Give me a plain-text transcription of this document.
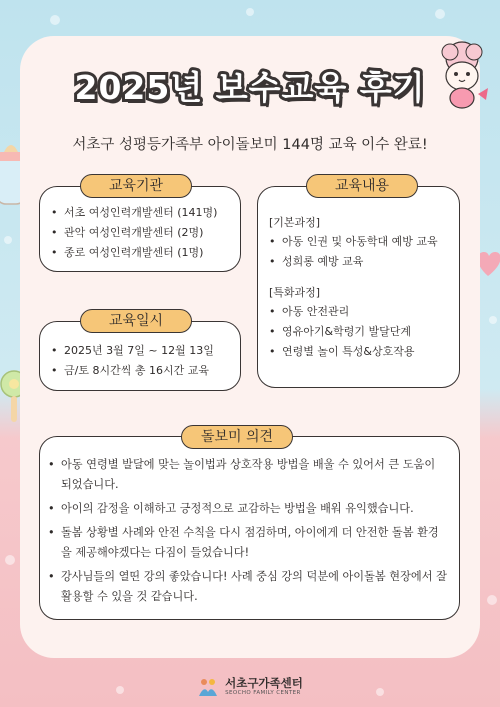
2025년 보수교육 후기
서초구 성평등가족부 아이돌보미 144명 교육 이수 완료!
• 서초 여성인력개발센터 (141명)
• 관악 여성인력개발센터 (2명)
• 종로 여성인력개발센터 (1명)
교육기관
• 2025년 3월 7일 ~ 12월 13일
• 금/토 8시간씩 총 16시간 교육
교육일시
[기본과정]
• 아동 인권 및 아동학대 예방 교육
• 성희롱 예방 교육
[특화과정]
• 아동 안전관리
• 영유아기&학령기 발달단계
• 연령별 놀이 특성&상호작용
교육내용
• 아동 연령별 발달에 맞는 놀이법과 상호작용 방법을 배울 수 있어서 큰 도움이 되었습니다.
• 아이의 감정을 이해하고 긍정적으로 교감하는 방법을 배워 유익했습니다.
• 돌봄 상황별 사례와 안전 수칙을 다시 점검하며, 아이에게 더 안전한 돌봄 환경을 제공해야겠다는 다짐이 들었습니다!
• 강사님들의 열띤 강의 좋았습니다! 사례 중심 강의 덕분에 아이돌봄 현장에서 잘 활용할 수 있을 것 같습니다.
돌보미 의견
서초구가족센터
SEOCHO FAMILY CENTER
